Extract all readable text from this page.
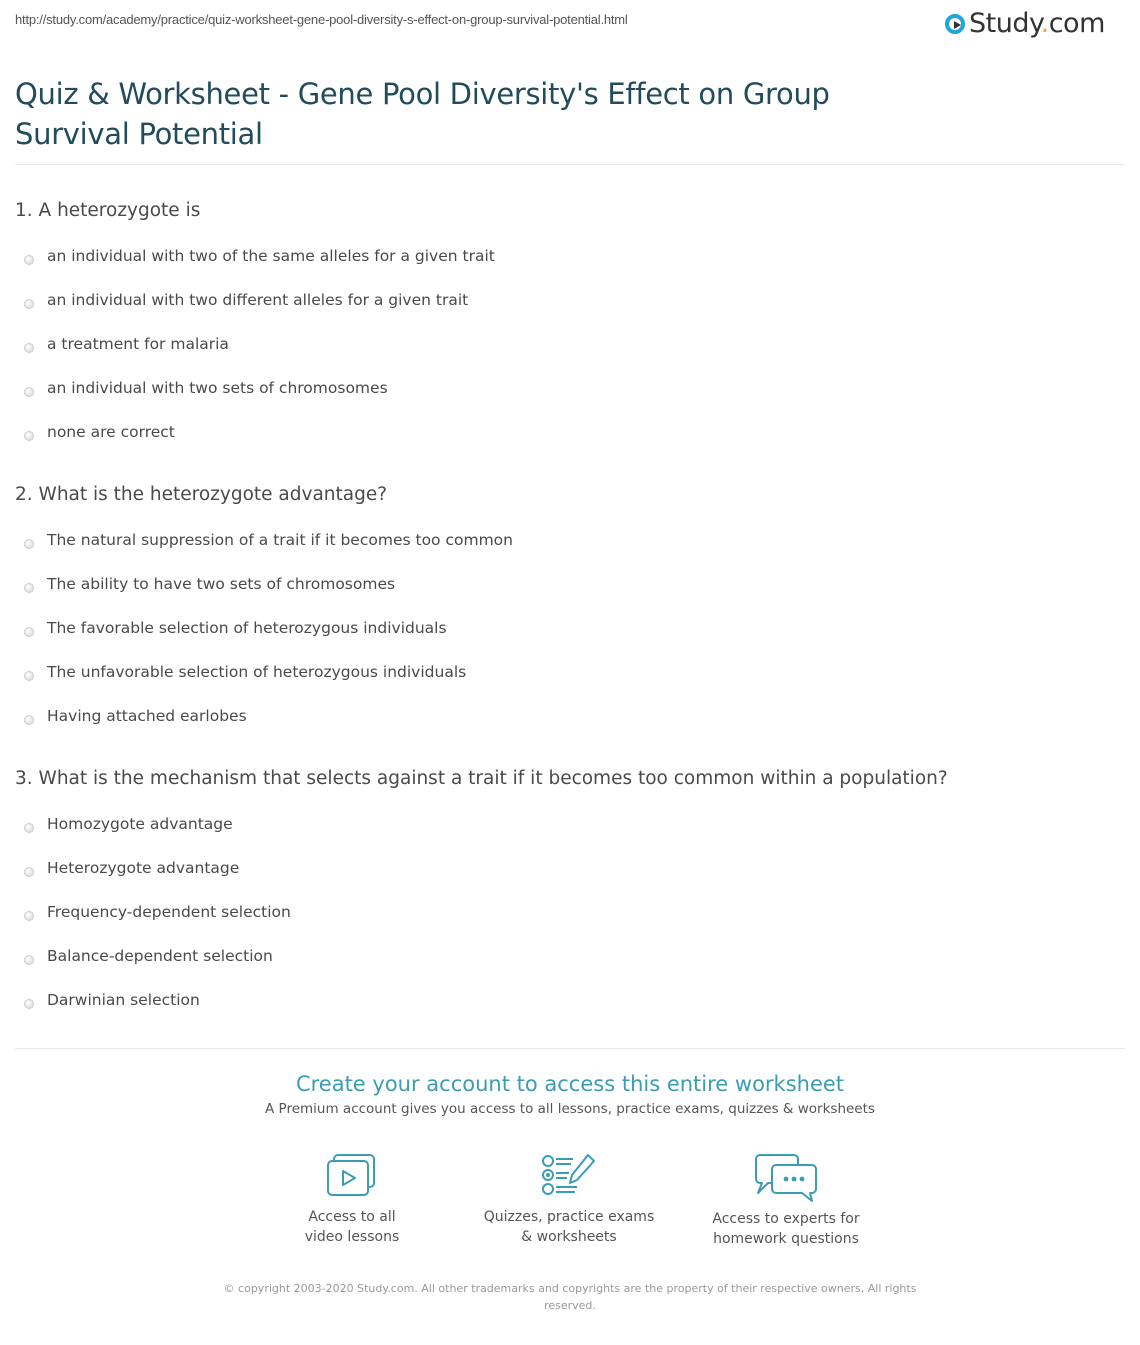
http://study.com/academy/practice/quiz-worksheet-gene-pool-diversity-s-effect-on-group-survival-potential.html	Study.com
Quiz & Worksheet - Gene Pool Diversity's Effect on Group Survival Potential
1. A heterozygote is
an individual with two of the same alleles for a given trait
an individual with two different alleles for a given trait
a treatment for malaria
an individual with two sets of chromosomes
none are correct
2. What is the heterozygote advantage?
The natural suppression of a trait if it becomes too common
The ability to have two sets of chromosomes
The favorable selection of heterozygous individuals
The unfavorable selection of heterozygous individuals
Having attached earlobes
3. What is the mechanism that selects against a trait if it becomes too common within a population?
Homozygote advantage
Heterozygote advantage
Frequency-dependent selection
Balance-dependent selection
Darwinian selection
Create your account to access this entire worksheet

A Premium account gives you access to all lessons, practice exams, quizzes & worksheets

Access to all
video lessons
Quizzes, practice exams
& worksheets
Access to experts for
homework questions
© copyright 2003-2020 Study.com. All other trademarks and copyrights are the property of their respective owners. All rights reserved.
